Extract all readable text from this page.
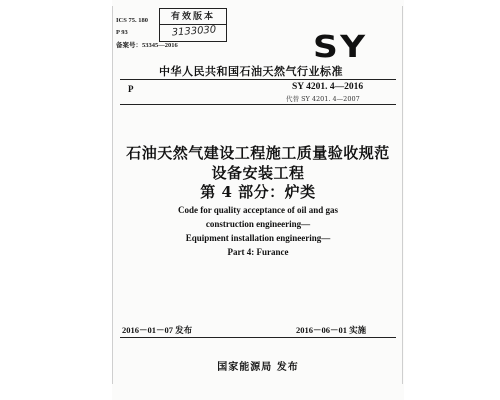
ICS 75. 180
P 93
备案号：53345—2016
有效版本
3133030	SY
中华人民共和国石油天然气行业标准
P	SY 4201. 4—2016
代替 SY 4201. 4—2007
石油天然气建设工程施工质量验收规范
设备安装工程
第 4 部分：炉类
Code for quality acceptance of oil and gas
construction engineering—
Equipment installation engineering—
Part 4: Furance
2016－01－07 发布	2016－06－01 实施
国家能源局 发布
